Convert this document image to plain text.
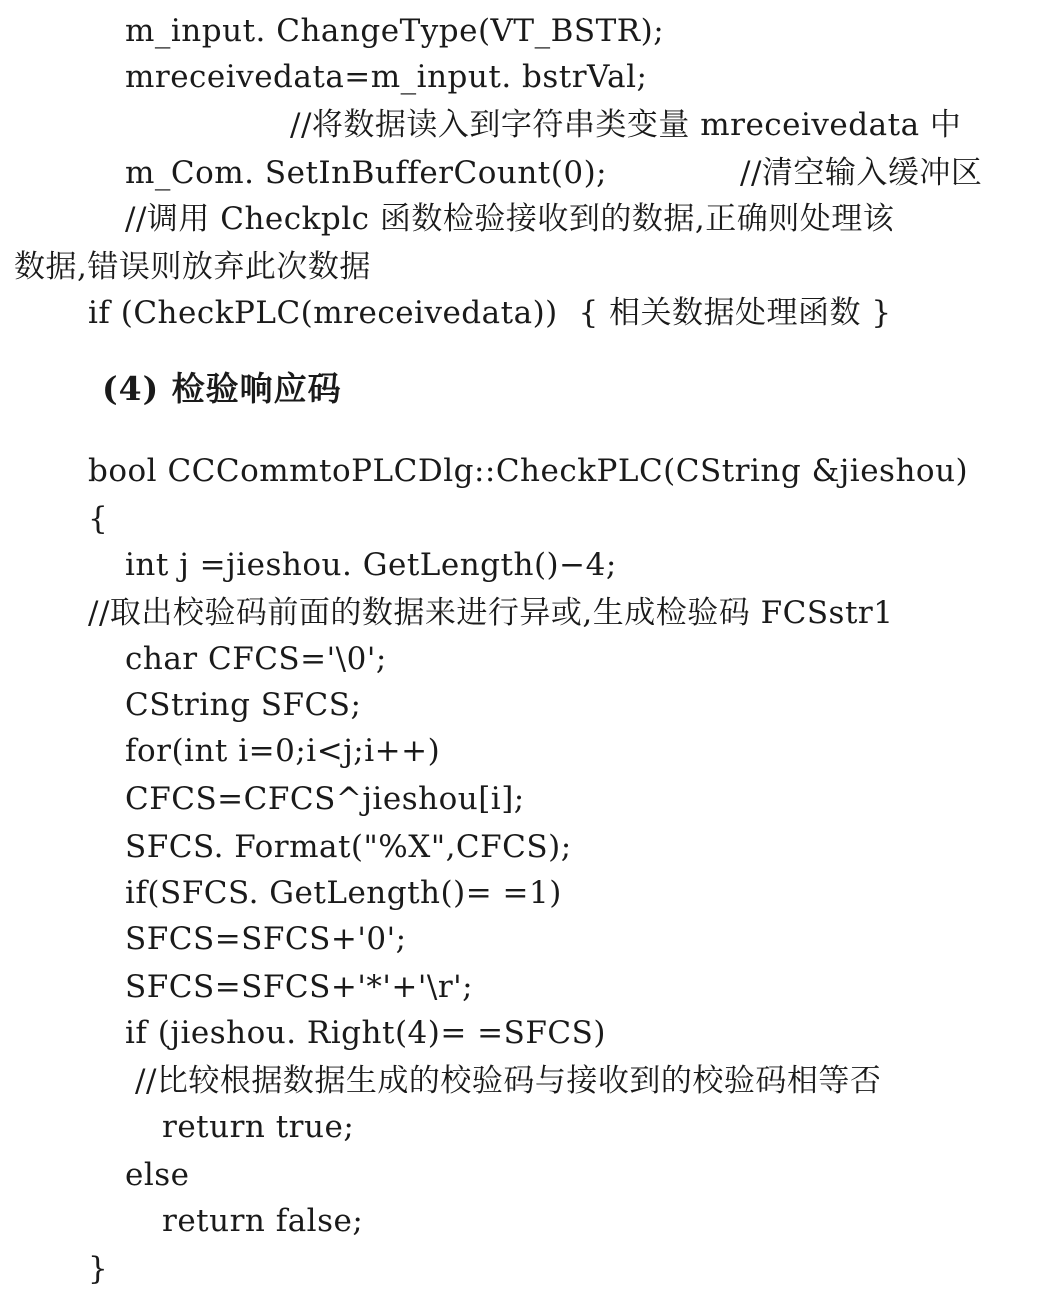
m_input. ChangeType(VT_BSTR);
mreceivedata=m_input. bstrVal;
//将数据读入到字符串类变量 mreceivedata 中
m_Com. SetInBufferCount(0);	//清空输入缓冲区
//调用 Checkplc 函数检验接收到的数据,正确则处理该
数据,错误则放弃此次数据
if (CheckPLC(mreceivedata))  { 相关数据处理函数 }
(4) 检验响应码
bool CCCommtoPLCDlg::CheckPLC(CString &jieshou)
{
int j =jieshou. GetLength()−4;
//取出校验码前面的数据来进行异或,生成检验码 FCSstr1
char CFCS='\0';
CString SFCS;
for(int i=0;i<j;i++)
CFCS=CFCS^jieshou[i];
SFCS. Format("%X",CFCS);
if(SFCS. GetLength()= =1)
SFCS=SFCS+'0';
SFCS=SFCS+'*'+'\r';
if (jieshou. Right(4)= =SFCS)
//比较根据数据生成的校验码与接收到的校验码相等否
return true;
else
return false;
}
